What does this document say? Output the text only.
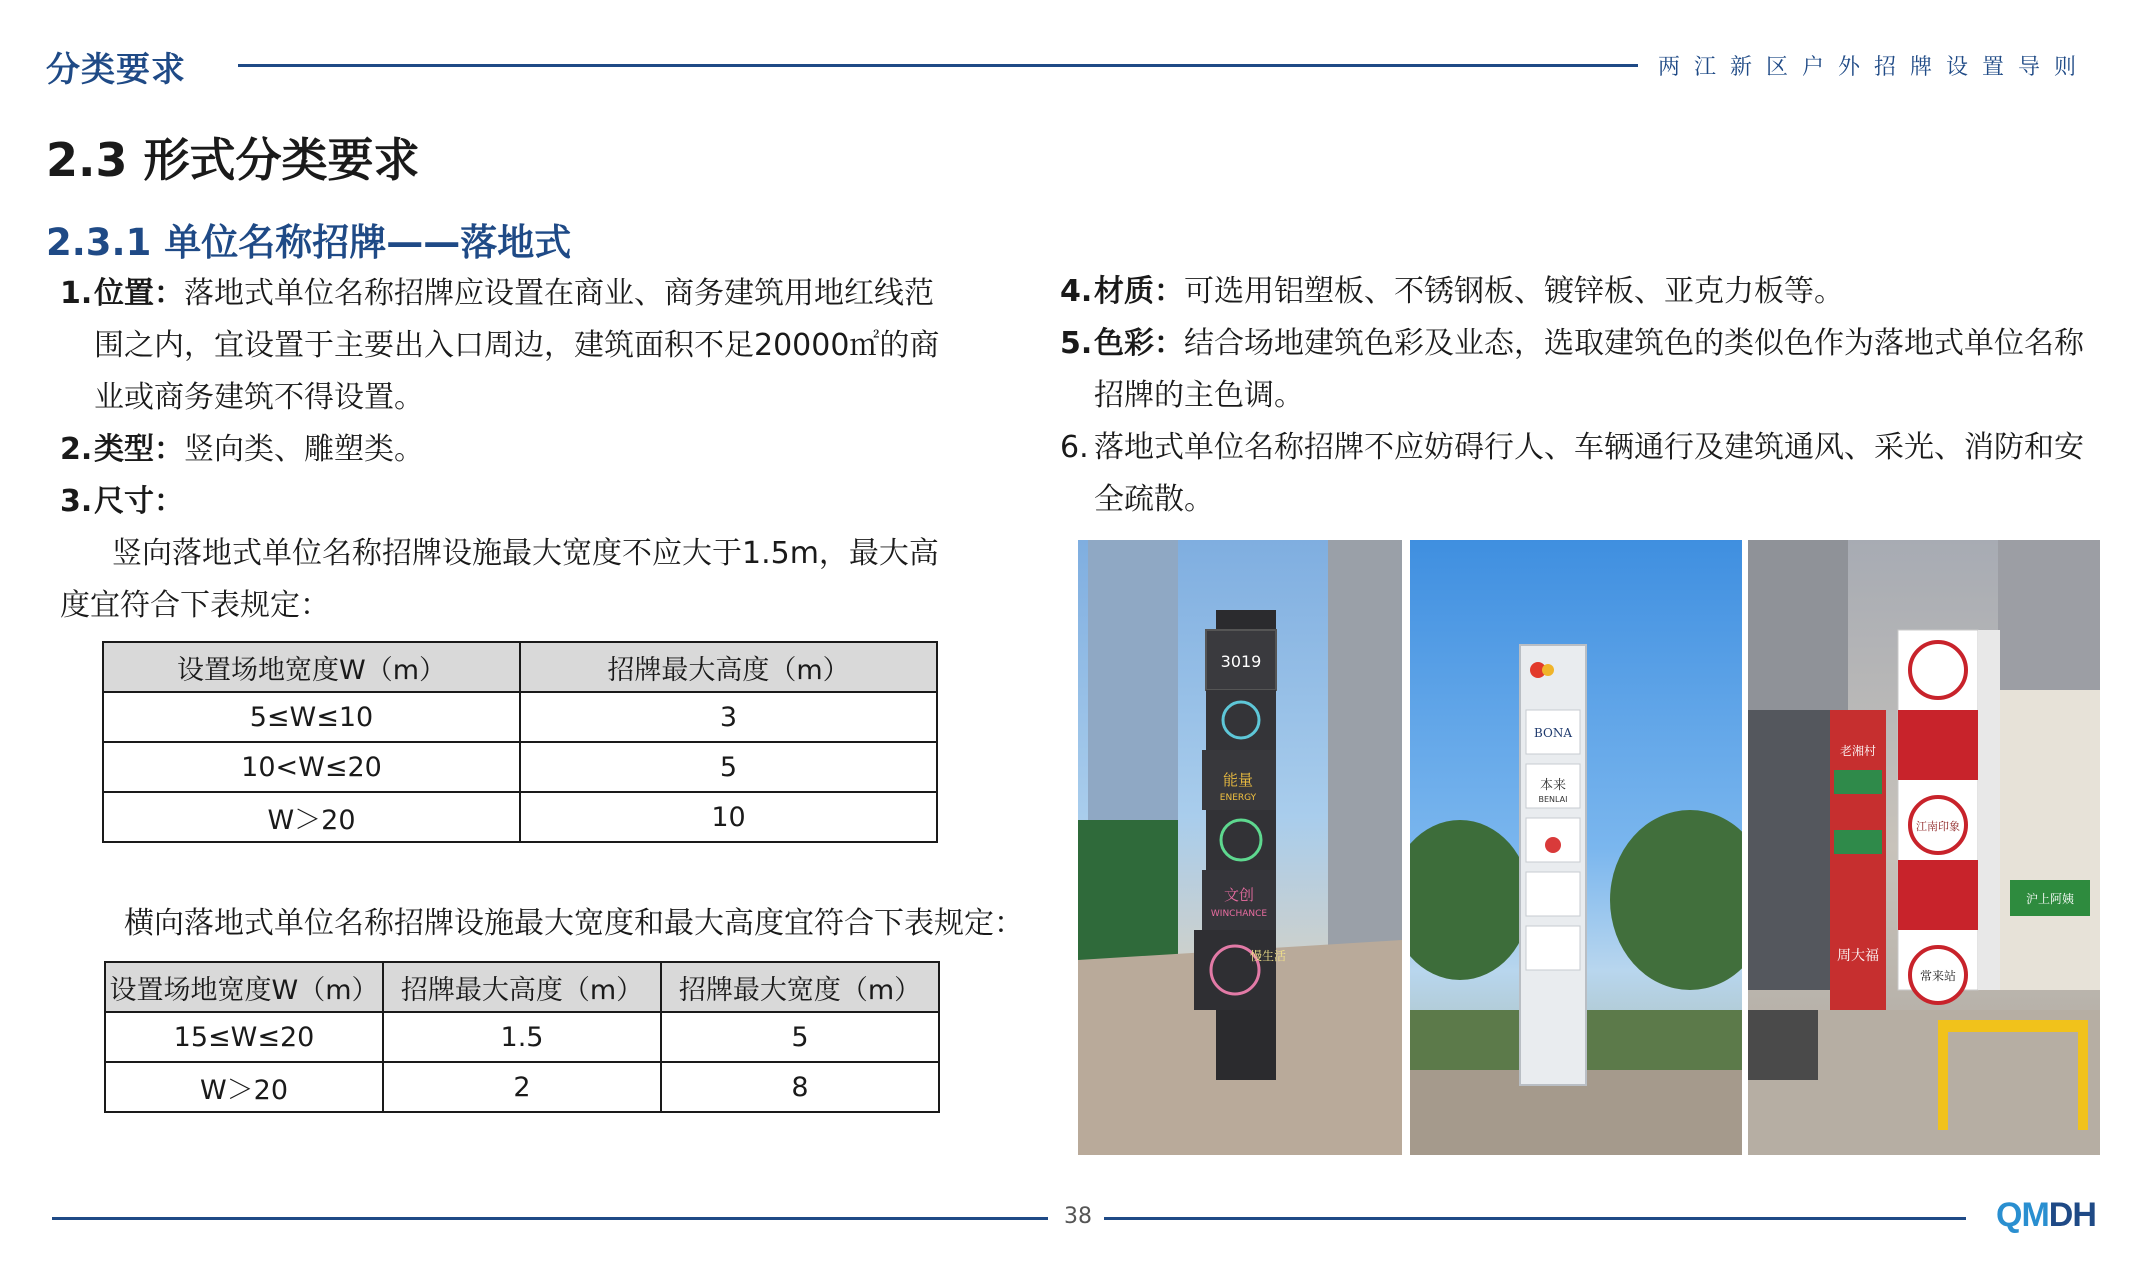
分类要求	两江新区户外招牌设置导则
2.3 形式分类要求
2.3.1 单位名称招牌——落地式
1. 位置：落地式单位名称招牌应设置在商业、商务建筑用地红线范围之内，宜设置于主要出入口周边，建筑面积不足20000㎡的商业或商务建筑不得设置。
2. 类型：竖向类、雕塑类。
3. 尺寸：
竖向落地式单位名称招牌设施最大宽度不应大于1.5m，最大高度宜符合下表规定：
设置场地宽度W（m）	招牌最大高度（m）
5≤W≤10	3
10<W≤20	5
W＞20	10
横向落地式单位名称招牌设施最大宽度和最大高度宜符合下表规定：
设置场地宽度W（m）	招牌最大高度（m）	招牌最大宽度（m）
15≤W≤20	1.5	5
W＞20	2	8
4. 材质：可选用铝塑板、不锈钢板、镀锌板、亚克力板等。
5. 色彩：结合场地建筑色彩及业态，选取建筑色的类似色作为落地式单位名称招牌的主色调。
6. 落地式单位名称招牌不应妨碍行人、车辆通行及建筑通风、采光、消防和安全疏散。
3019
能量
ENERGY
文创
WINCHANCE
慢生活
BONA
本来
BENLAI
老湘村
江南印象
周大福
常来站
沪上阿姨
38	QMDH
